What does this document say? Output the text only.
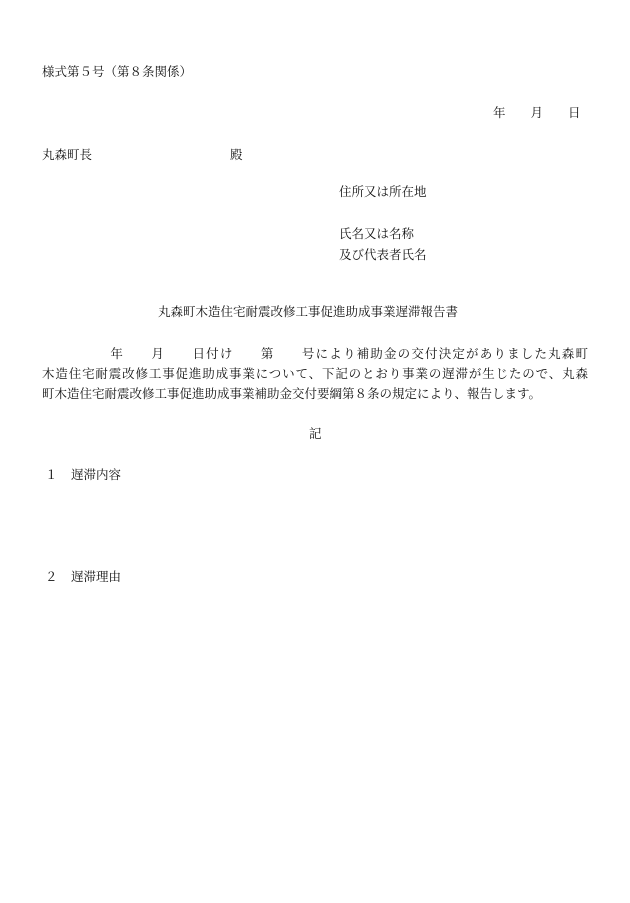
様式第５号（第８条関係）
年　　月　　日
丸森町長	殿
住所又は所在地
氏名又は名称
及び代表者氏名
丸森町木造住宅耐震改修工事促進助成事業遅滞報告書
　　　　　年　　月　　日付け　　第　　号により補助金の交付決定がありました丸森町
木造住宅耐震改修工事促進助成事業について、下記のとおり事業の遅滞が生じたので、丸森
町木造住宅耐震改修工事促進助成事業補助金交付要綱第８条の規定により、報告します。
記
１ 遅滞内容
２ 遅滞理由
